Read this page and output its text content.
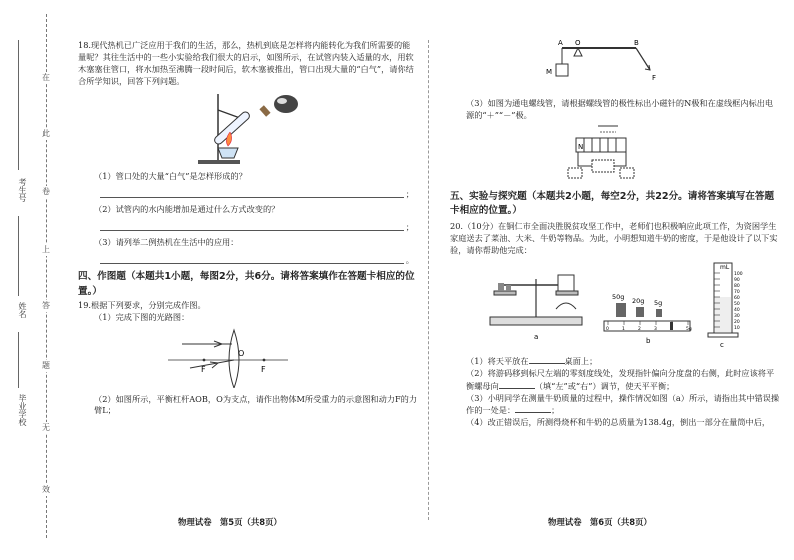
在
此
卷
上
答
题
无
效
考生号
姓名
毕业学校

18.现代热机已广泛应用于我们的生活，那么，热机到底是怎样将内能转化为我们所需要的能量呢？其往生活中的一些小实验给我们很大的启示，如图所示，在试管内装入适量的水，用软木塞塞住管口，将水加热至沸腾一段时间后，软木塞被推出，管口出现大量的“白气”，请你结合所学知识，回答下列问题。

（1）管口处的大量“白气”是怎样形成的？

；

（2）试管内的水内能增加是通过什么方式改变的？

；

（3）请列举二例热机在生活中的应用：

。

四、作图题（本题共1小题，每图2分，共6分。请将答案填作在答题卡相应的位置。）

19.根据下列要求，分别完成作图。

（1）完成下图的光路图：

F
O
F

（2）如图所示，平衡杠杆AOB，O为支点，请作出物体M所受重力的示意图和动力F的力臂L；

A O	B
M
F

（3）如图为通电螺线管，请根据螺线管的极性标出小磁针的N极和在虚线框内标出电源的“＋”“－”极。

N

五、实验与探究题（本题共2小题，每空2分，共22分。请将答案填写在答题卡相应的位置。）

20.（10分）在铜仁市全面决胜脱贫攻坚工作中，老师们也积极响应此项工作，为资困学生家庭送去了菜油、大米、牛奶等物品。为此，小明想知道牛奶的密度，于是他设计了以下实验，请你帮助他完成：

a
50g 20g 5g
0	1	2	3	5g
b
mL
100
90
80
70
60
50
40
30
20
10
c

（1）将天平放在	桌面上；

（2）将游码移到标尺左端的零刻度线处，发现指针偏向分度盘的右侧，此时应该将平衡螺母向	（填“左”或“右”）调节，使天平平衡；

（3）小明同学在测量牛奶质量的过程中，操作情况如图（a）所示，请指出其中错误操作的一处是：	；

（4）改正错误后，所测得烧杯和牛奶的总质量为138.4g，倒出一部分在量筒中后，

物理试卷　第5页（共8页）	物理试卷　第6页（共8页）
